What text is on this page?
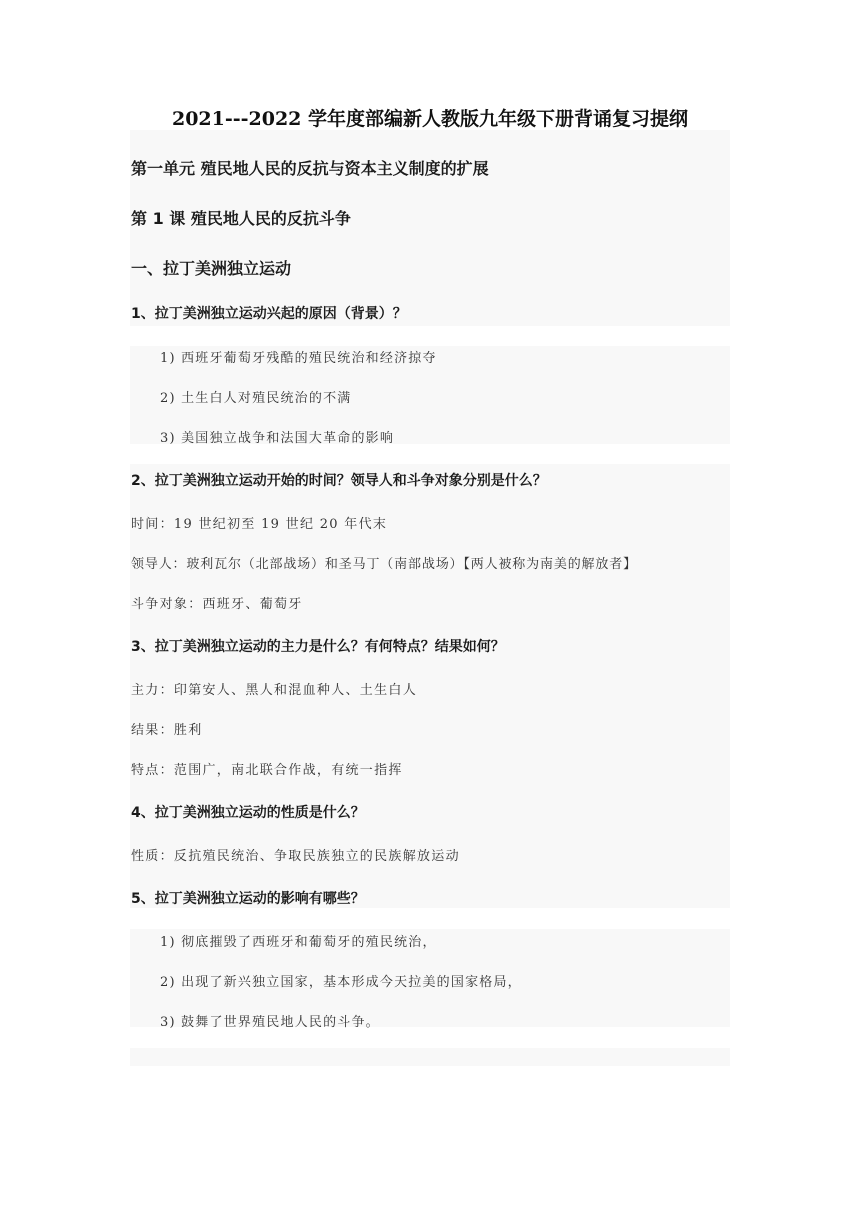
2021---2022 学年度部编新人教版九年级下册背诵复习提纲
第一单元 殖民地人民的反抗与资本主义制度的扩展
第 1 课 殖民地人民的反抗斗争
一、拉丁美洲独立运动
1、拉丁美洲独立运动兴起的原因（背景）？
1) 西班牙葡萄牙残酷的殖民统治和经济掠夺
2) 土生白人对殖民统治的不满
3) 美国独立战争和法国大革命的影响
2、拉丁美洲独立运动开始的时间？领导人和斗争对象分别是什么？
时间：19 世纪初至 19 世纪 20 年代末
领导人：玻利瓦尔（北部战场）和圣马丁（南部战场）【两人被称为南美的解放者】
斗争对象：西班牙、葡萄牙
3、拉丁美洲独立运动的主力是什么？有何特点？结果如何？
主力：印第安人、黑人和混血种人、土生白人
结果：胜利
特点：范围广，南北联合作战，有统一指挥
4、拉丁美洲独立运动的性质是什么？
性质：反抗殖民统治、争取民族独立的民族解放运动
5、拉丁美洲独立运动的影响有哪些？
1) 彻底摧毁了西班牙和葡萄牙的殖民统治，
2) 出现了新兴独立国家，基本形成今天拉美的国家格局，
3) 鼓舞了世界殖民地人民的斗争。
